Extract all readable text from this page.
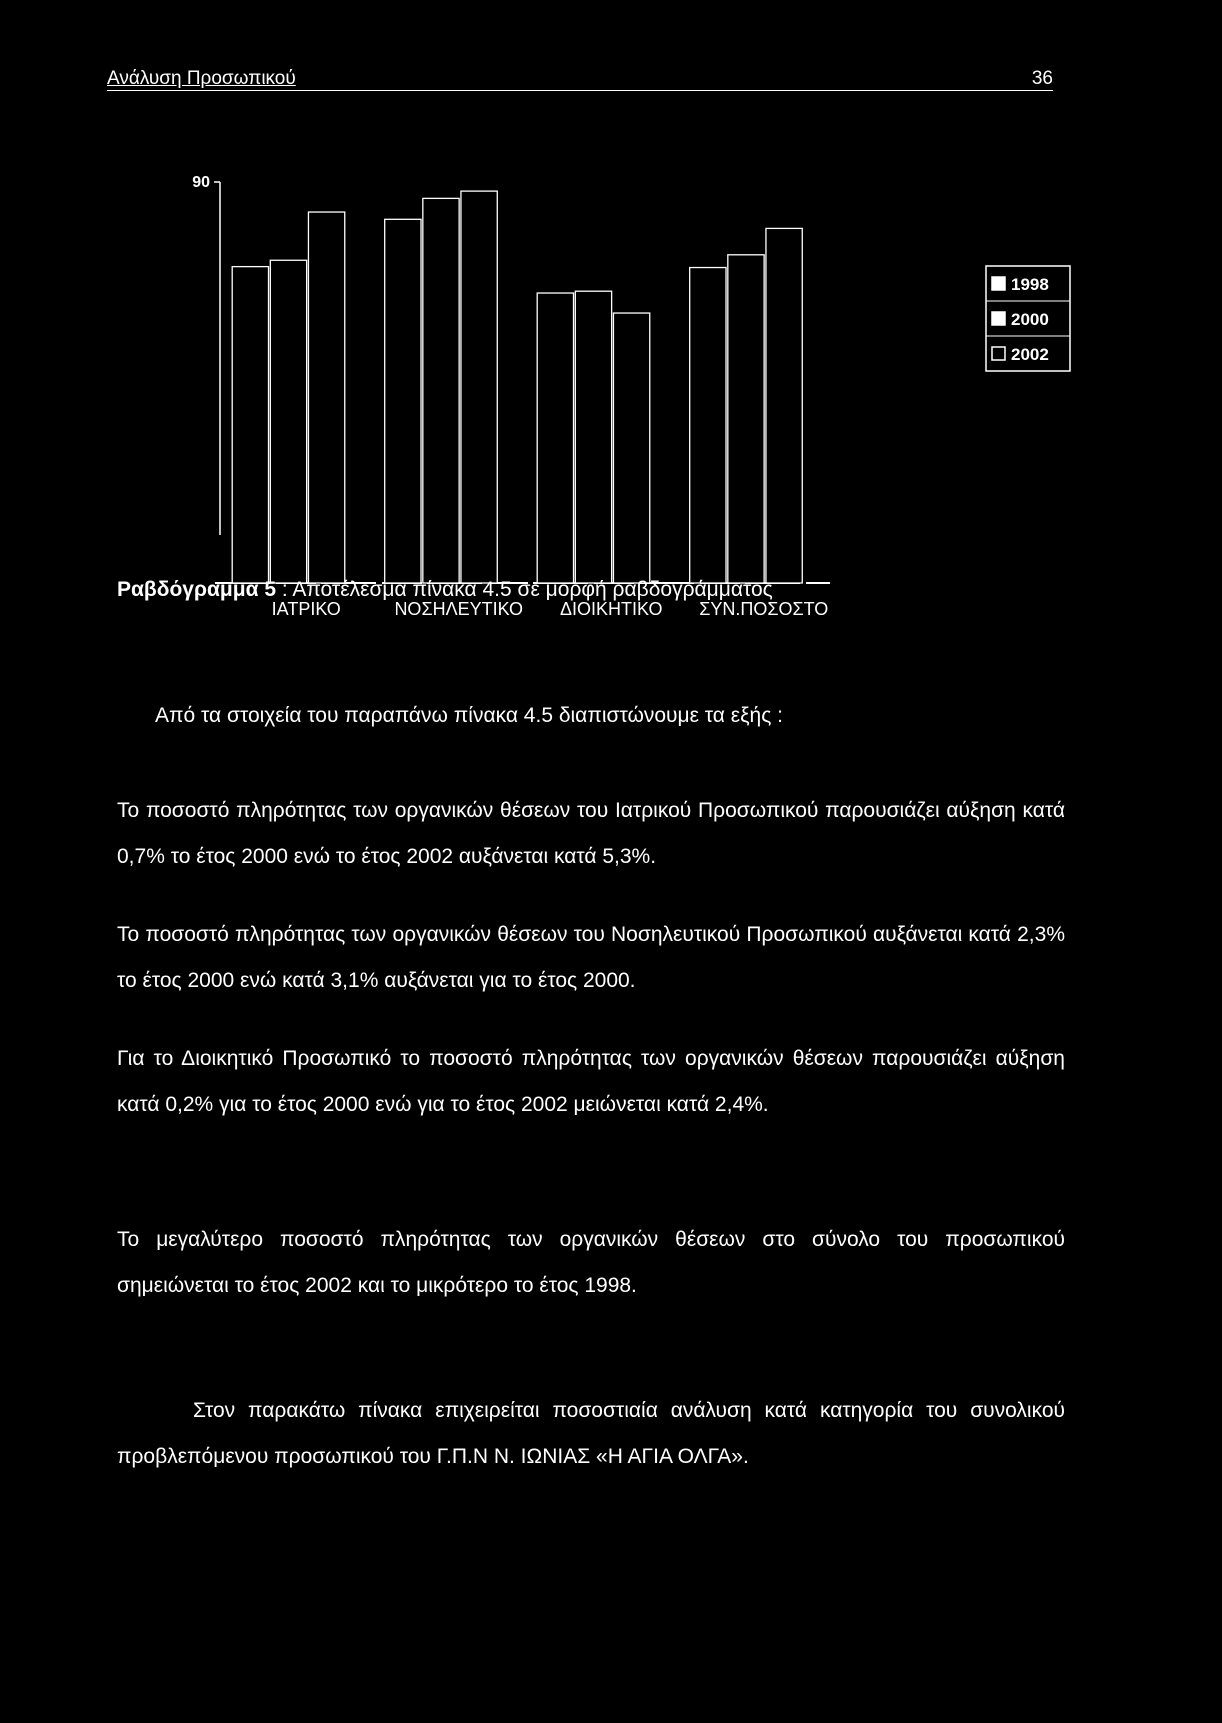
Ανάλυση Προσωπικού	36
90
ΙΑΤΡΙΚΟ	ΝΟΣΗΛΕΥΤΙΚΟ ΔΙΟΙΚΗΤΙΚΟ ΣΥΝ.ΠΟΣΟΣΤΟ
1998
2000
2002
Ραβδόγραμμα 5 : Αποτέλεσμα πίνακα 4.5 σε μορφή ραβδογράμματος
Από τα στοιχεία του παραπάνω πίνακα 4.5 διαπιστώνουμε τα εξής :
Το ποσοστό πληρότητας των οργανικών θέσεων του Ιατρικού Προσωπικού παρουσιάζει αύξηση κατά 0,7% το έτος 2000 ενώ το έτος 2002 αυξάνεται κατά 5,3%.
Το ποσοστό πληρότητας των οργανικών θέσεων του Νοσηλευτικού Προσωπικού αυξάνεται κατά 2,3% το έτος 2000 ενώ κατά 3,1% αυξάνεται για το έτος 2000.
Για το Διοικητικό Προσωπικό το ποσοστό πληρότητας των οργανικών θέσεων παρουσιάζει αύξηση κατά 0,2% για το έτος 2000 ενώ για το έτος 2002 μειώνεται κατά 2,4%.
Το μεγαλύτερο ποσοστό πληρότητας των οργανικών θέσεων στο σύνολο του προσωπικού σημειώνεται το έτος 2002 και το μικρότερο το έτος 1998.
Στον παρακάτω πίνακα επιχειρείται ποσοστιαία ανάλυση κατά κατηγορία του συνολικού προβλεπόμενου προσωπικού του Γ.Π.Ν Ν. ΙΩΝΙΑΣ «Η ΑΓΙΑ ΟΛΓΑ».
